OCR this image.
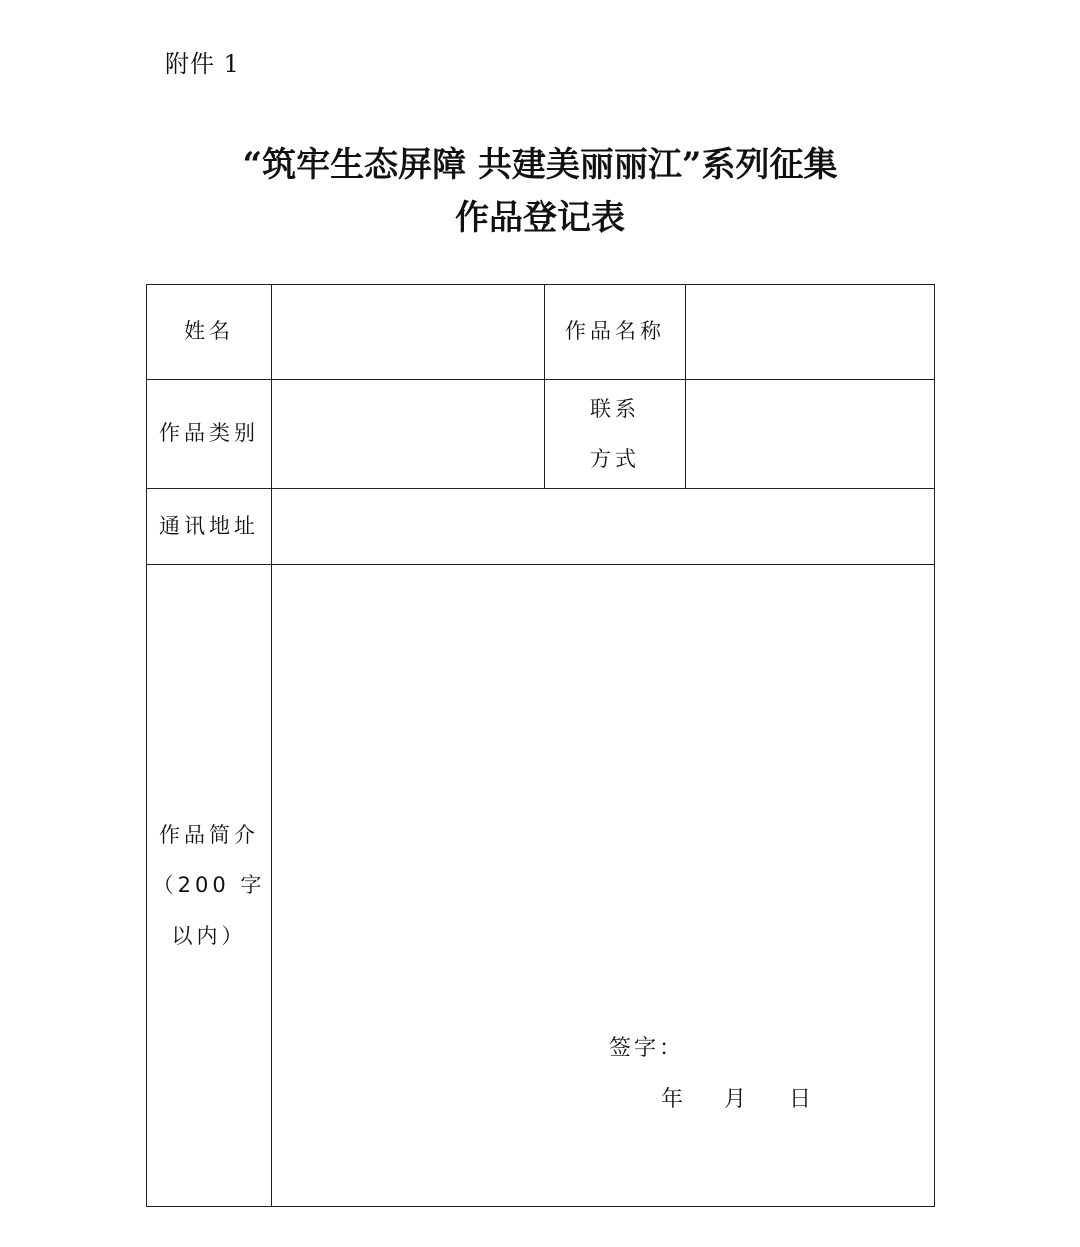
附件 1
“筑牢生态屏障 共建美丽丽江”系列征集
作品登记表
姓名	作品名称
作品类别
联系
方式
通讯地址
作品简介
（200 字
以内）
签字：
年 月 日
